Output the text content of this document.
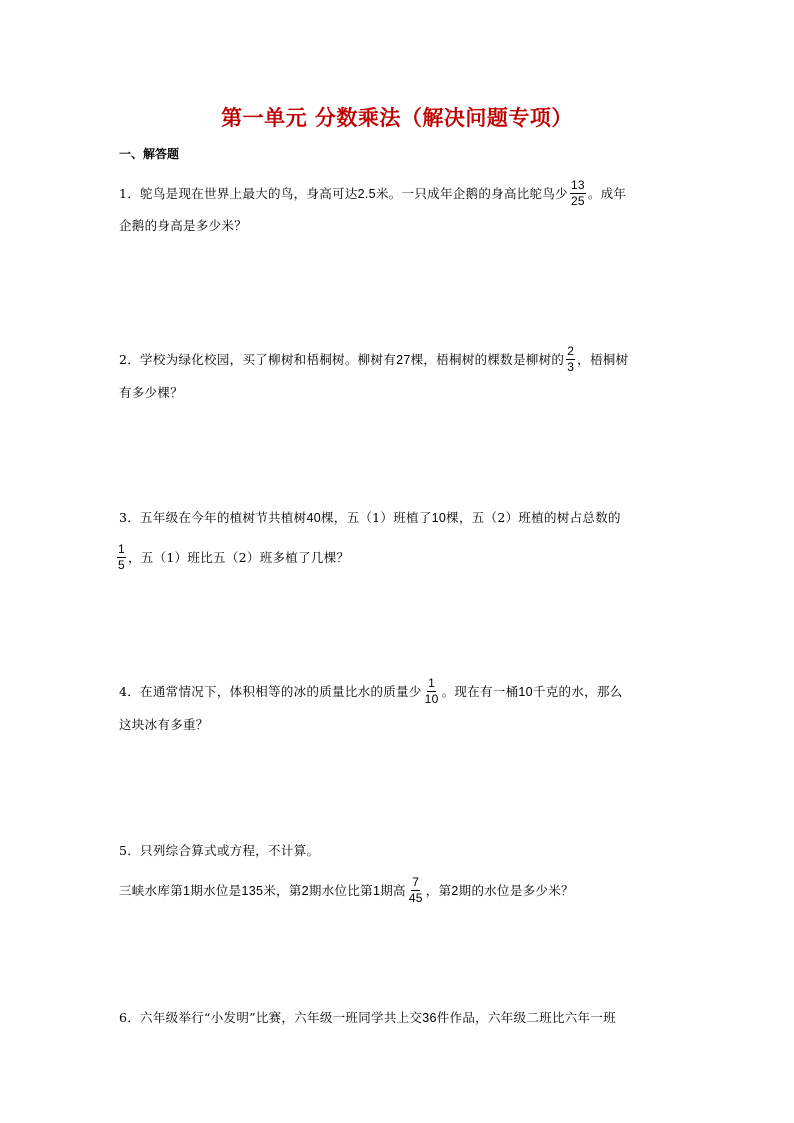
第一单元 分数乘法（解决问题专项）
一、解答题
1．鸵鸟是现在世界上最大的鸟，身高可达2.5米。一只成年企鹅的身高比鸵鸟少 $\frac{13}{25}$ 。成年
企鹅的身高是多少米？
2．学校为绿化校园，买了柳树和梧桐树。柳树有27棵，梧桐树的棵数是柳树的 $\frac{2}{3}$ ，梧桐树
有多少棵？
3．五年级在今年的植树节共植树40棵，五（1）班植了10棵，五（2）班植的树占总数的
$\frac{1}{5}$ ，五（1）班比五（2）班多植了几棵？
4．在通常情况下，体积相等的冰的质量比水的质量少 $\frac{1}{10}$ 。现在有一桶10千克的水，那么
这块冰有多重？
5．只列综合算式或方程，不计算。
三峡水库第1期水位是135米，第2期水位比第1期高 $\frac{7}{45}$ ，第2期的水位是多少米？
6．六年级举行“小发明”比赛，六年级一班同学共上交36件作品，六年级二班比六年一班
